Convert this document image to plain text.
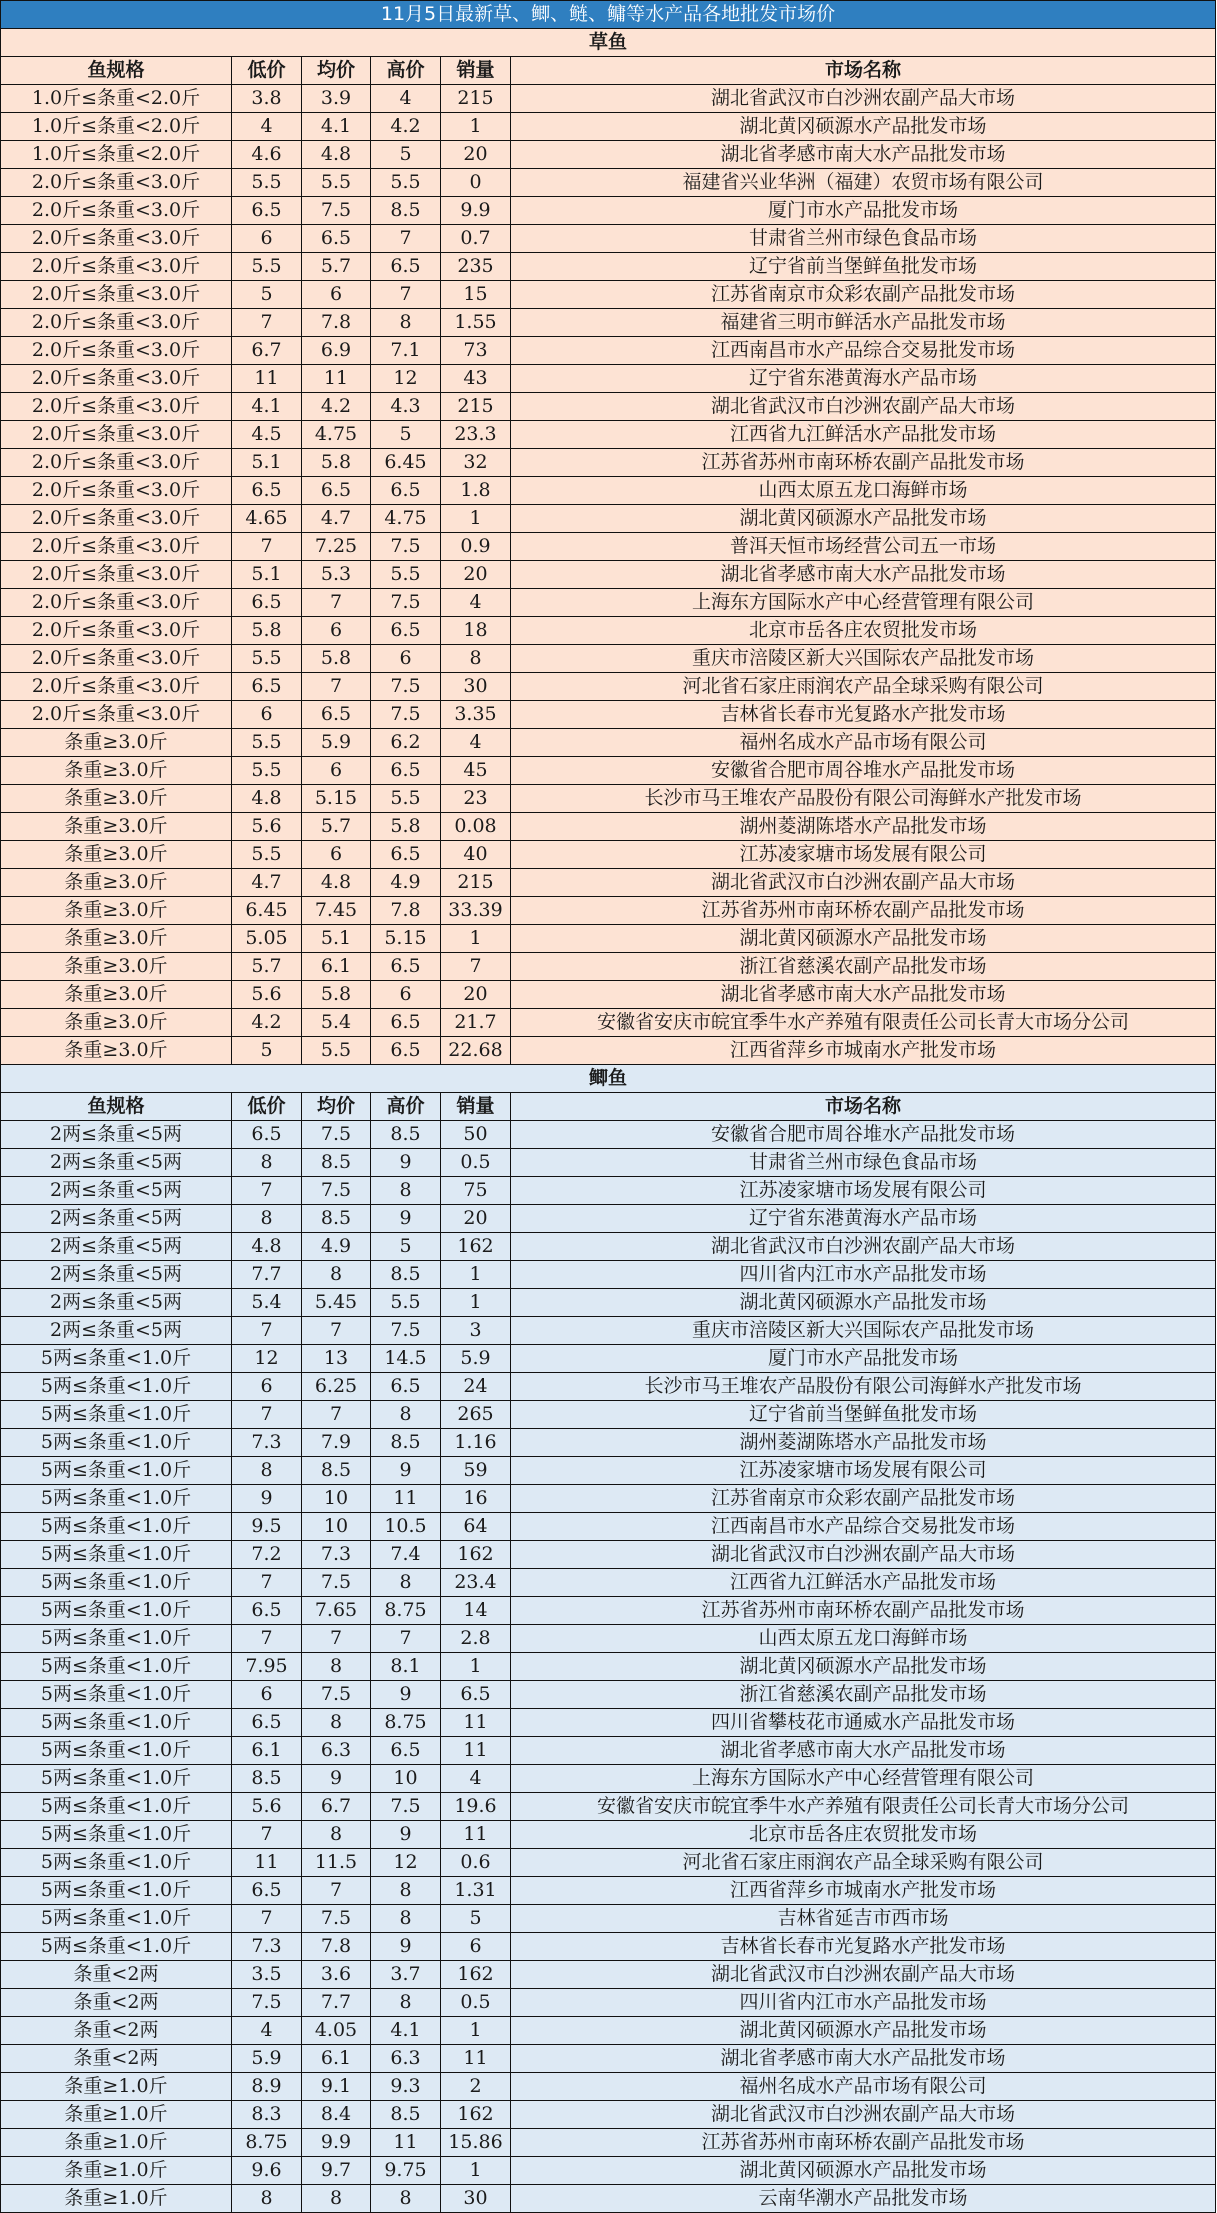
11月5日最新草、鲫、鲢、鳙等水产品各地批发市场价					
草鱼					
鱼规格	低价	均价	高价	销量	市场名称
1.0斤≤条重<2.0斤	3.8	3.9	4	215	湖北省武汉市白沙洲农副产品大市场
1.0斤≤条重<2.0斤	4	4.1	4.2	1	湖北黄冈硕源水产品批发市场
1.0斤≤条重<2.0斤	4.6	4.8	5	20	湖北省孝感市南大水产品批发市场
2.0斤≤条重<3.0斤	5.5	5.5	5.5	0	福建省兴业华洲（福建）农贸市场有限公司
2.0斤≤条重<3.0斤	6.5	7.5	8.5	9.9	厦门市水产品批发市场
2.0斤≤条重<3.0斤	6	6.5	7	0.7	甘肃省兰州市绿色食品市场
2.0斤≤条重<3.0斤	5.5	5.7	6.5	235	辽宁省前当堡鲜鱼批发市场
2.0斤≤条重<3.0斤	5	6	7	15	江苏省南京市众彩农副产品批发市场
2.0斤≤条重<3.0斤	7	7.8	8	1.55	福建省三明市鲜活水产品批发市场
2.0斤≤条重<3.0斤	6.7	6.9	7.1	73	江西南昌市水产品综合交易批发市场
2.0斤≤条重<3.0斤	11	11	12	43	辽宁省东港黄海水产品市场
2.0斤≤条重<3.0斤	4.1	4.2	4.3	215	湖北省武汉市白沙洲农副产品大市场
2.0斤≤条重<3.0斤	4.5	4.75	5	23.3	江西省九江鲜活水产品批发市场
2.0斤≤条重<3.0斤	5.1	5.8	6.45	32	江苏省苏州市南环桥农副产品批发市场
2.0斤≤条重<3.0斤	6.5	6.5	6.5	1.8	山西太原五龙口海鲜市场
2.0斤≤条重<3.0斤	4.65	4.7	4.75	1	湖北黄冈硕源水产品批发市场
2.0斤≤条重<3.0斤	7	7.25	7.5	0.9	普洱天恒市场经营公司五一市场
2.0斤≤条重<3.0斤	5.1	5.3	5.5	20	湖北省孝感市南大水产品批发市场
2.0斤≤条重<3.0斤	6.5	7	7.5	4	上海东方国际水产中心经营管理有限公司
2.0斤≤条重<3.0斤	5.8	6	6.5	18	北京市岳各庄农贸批发市场
2.0斤≤条重<3.0斤	5.5	5.8	6	8	重庆市涪陵区新大兴国际农产品批发市场
2.0斤≤条重<3.0斤	6.5	7	7.5	30	河北省石家庄雨润农产品全球采购有限公司
2.0斤≤条重<3.0斤	6	6.5	7.5	3.35	吉林省长春市光复路水产批发市场
条重≥3.0斤	5.5	5.9	6.2	4	福州名成水产品市场有限公司
条重≥3.0斤	5.5	6	6.5	45	安徽省合肥市周谷堆水产品批发市场
条重≥3.0斤	4.8	5.15	5.5	23	长沙市马王堆农产品股份有限公司海鲜水产批发市场
条重≥3.0斤	5.6	5.7	5.8	0.08	湖州菱湖陈塔水产品批发市场
条重≥3.0斤	5.5	6	6.5	40	江苏凌家塘市场发展有限公司
条重≥3.0斤	4.7	4.8	4.9	215	湖北省武汉市白沙洲农副产品大市场
条重≥3.0斤	6.45	7.45	7.8	33.39	江苏省苏州市南环桥农副产品批发市场
条重≥3.0斤	5.05	5.1	5.15	1	湖北黄冈硕源水产品批发市场
条重≥3.0斤	5.7	6.1	6.5	7	浙江省慈溪农副产品批发市场
条重≥3.0斤	5.6	5.8	6	20	湖北省孝感市南大水产品批发市场
条重≥3.0斤	4.2	5.4	6.5	21.7	安徽省安庆市皖宜季牛水产养殖有限责任公司长青大市场分公司
条重≥3.0斤	5	5.5	6.5	22.68	江西省萍乡市城南水产批发市场
鲫鱼					
鱼规格	低价	均价	高价	销量	市场名称
2两≤条重<5两	6.5	7.5	8.5	50	安徽省合肥市周谷堆水产品批发市场
2两≤条重<5两	8	8.5	9	0.5	甘肃省兰州市绿色食品市场
2两≤条重<5两	7	7.5	8	75	江苏凌家塘市场发展有限公司
2两≤条重<5两	8	8.5	9	20	辽宁省东港黄海水产品市场
2两≤条重<5两	4.8	4.9	5	162	湖北省武汉市白沙洲农副产品大市场
2两≤条重<5两	7.7	8	8.5	1	四川省内江市水产品批发市场
2两≤条重<5两	5.4	5.45	5.5	1	湖北黄冈硕源水产品批发市场
2两≤条重<5两	7	7	7.5	3	重庆市涪陵区新大兴国际农产品批发市场
5两≤条重<1.0斤	12	13	14.5	5.9	厦门市水产品批发市场
5两≤条重<1.0斤	6	6.25	6.5	24	长沙市马王堆农产品股份有限公司海鲜水产批发市场
5两≤条重<1.0斤	7	7	8	265	辽宁省前当堡鲜鱼批发市场
5两≤条重<1.0斤	7.3	7.9	8.5	1.16	湖州菱湖陈塔水产品批发市场
5两≤条重<1.0斤	8	8.5	9	59	江苏凌家塘市场发展有限公司
5两≤条重<1.0斤	9	10	11	16	江苏省南京市众彩农副产品批发市场
5两≤条重<1.0斤	9.5	10	10.5	64	江西南昌市水产品综合交易批发市场
5两≤条重<1.0斤	7.2	7.3	7.4	162	湖北省武汉市白沙洲农副产品大市场
5两≤条重<1.0斤	7	7.5	8	23.4	江西省九江鲜活水产品批发市场
5两≤条重<1.0斤	6.5	7.65	8.75	14	江苏省苏州市南环桥农副产品批发市场
5两≤条重<1.0斤	7	7	7	2.8	山西太原五龙口海鲜市场
5两≤条重<1.0斤	7.95	8	8.1	1	湖北黄冈硕源水产品批发市场
5两≤条重<1.0斤	6	7.5	9	6.5	浙江省慈溪农副产品批发市场
5两≤条重<1.0斤	6.5	8	8.75	11	四川省攀枝花市通威水产品批发市场
5两≤条重<1.0斤	6.1	6.3	6.5	11	湖北省孝感市南大水产品批发市场
5两≤条重<1.0斤	8.5	9	10	4	上海东方国际水产中心经营管理有限公司
5两≤条重<1.0斤	5.6	6.7	7.5	19.6	安徽省安庆市皖宜季牛水产养殖有限责任公司长青大市场分公司
5两≤条重<1.0斤	7	8	9	11	北京市岳各庄农贸批发市场
5两≤条重<1.0斤	11	11.5	12	0.6	河北省石家庄雨润农产品全球采购有限公司
5两≤条重<1.0斤	6.5	7	8	1.31	江西省萍乡市城南水产批发市场
5两≤条重<1.0斤	7	7.5	8	5	吉林省延吉市西市场
5两≤条重<1.0斤	7.3	7.8	9	6	吉林省长春市光复路水产批发市场
条重<2两	3.5	3.6	3.7	162	湖北省武汉市白沙洲农副产品大市场
条重<2两	7.5	7.7	8	0.5	四川省内江市水产品批发市场
条重<2两	4	4.05	4.1	1	湖北黄冈硕源水产品批发市场
条重<2两	5.9	6.1	6.3	11	湖北省孝感市南大水产品批发市场
条重≥1.0斤	8.9	9.1	9.3	2	福州名成水产品市场有限公司
条重≥1.0斤	8.3	8.4	8.5	162	湖北省武汉市白沙洲农副产品大市场
条重≥1.0斤	8.75	9.9	11	15.86	江苏省苏州市南环桥农副产品批发市场
条重≥1.0斤	9.6	9.7	9.75	1	湖北黄冈硕源水产品批发市场
条重≥1.0斤	8	8	8	30	云南华潮水产品批发市场
